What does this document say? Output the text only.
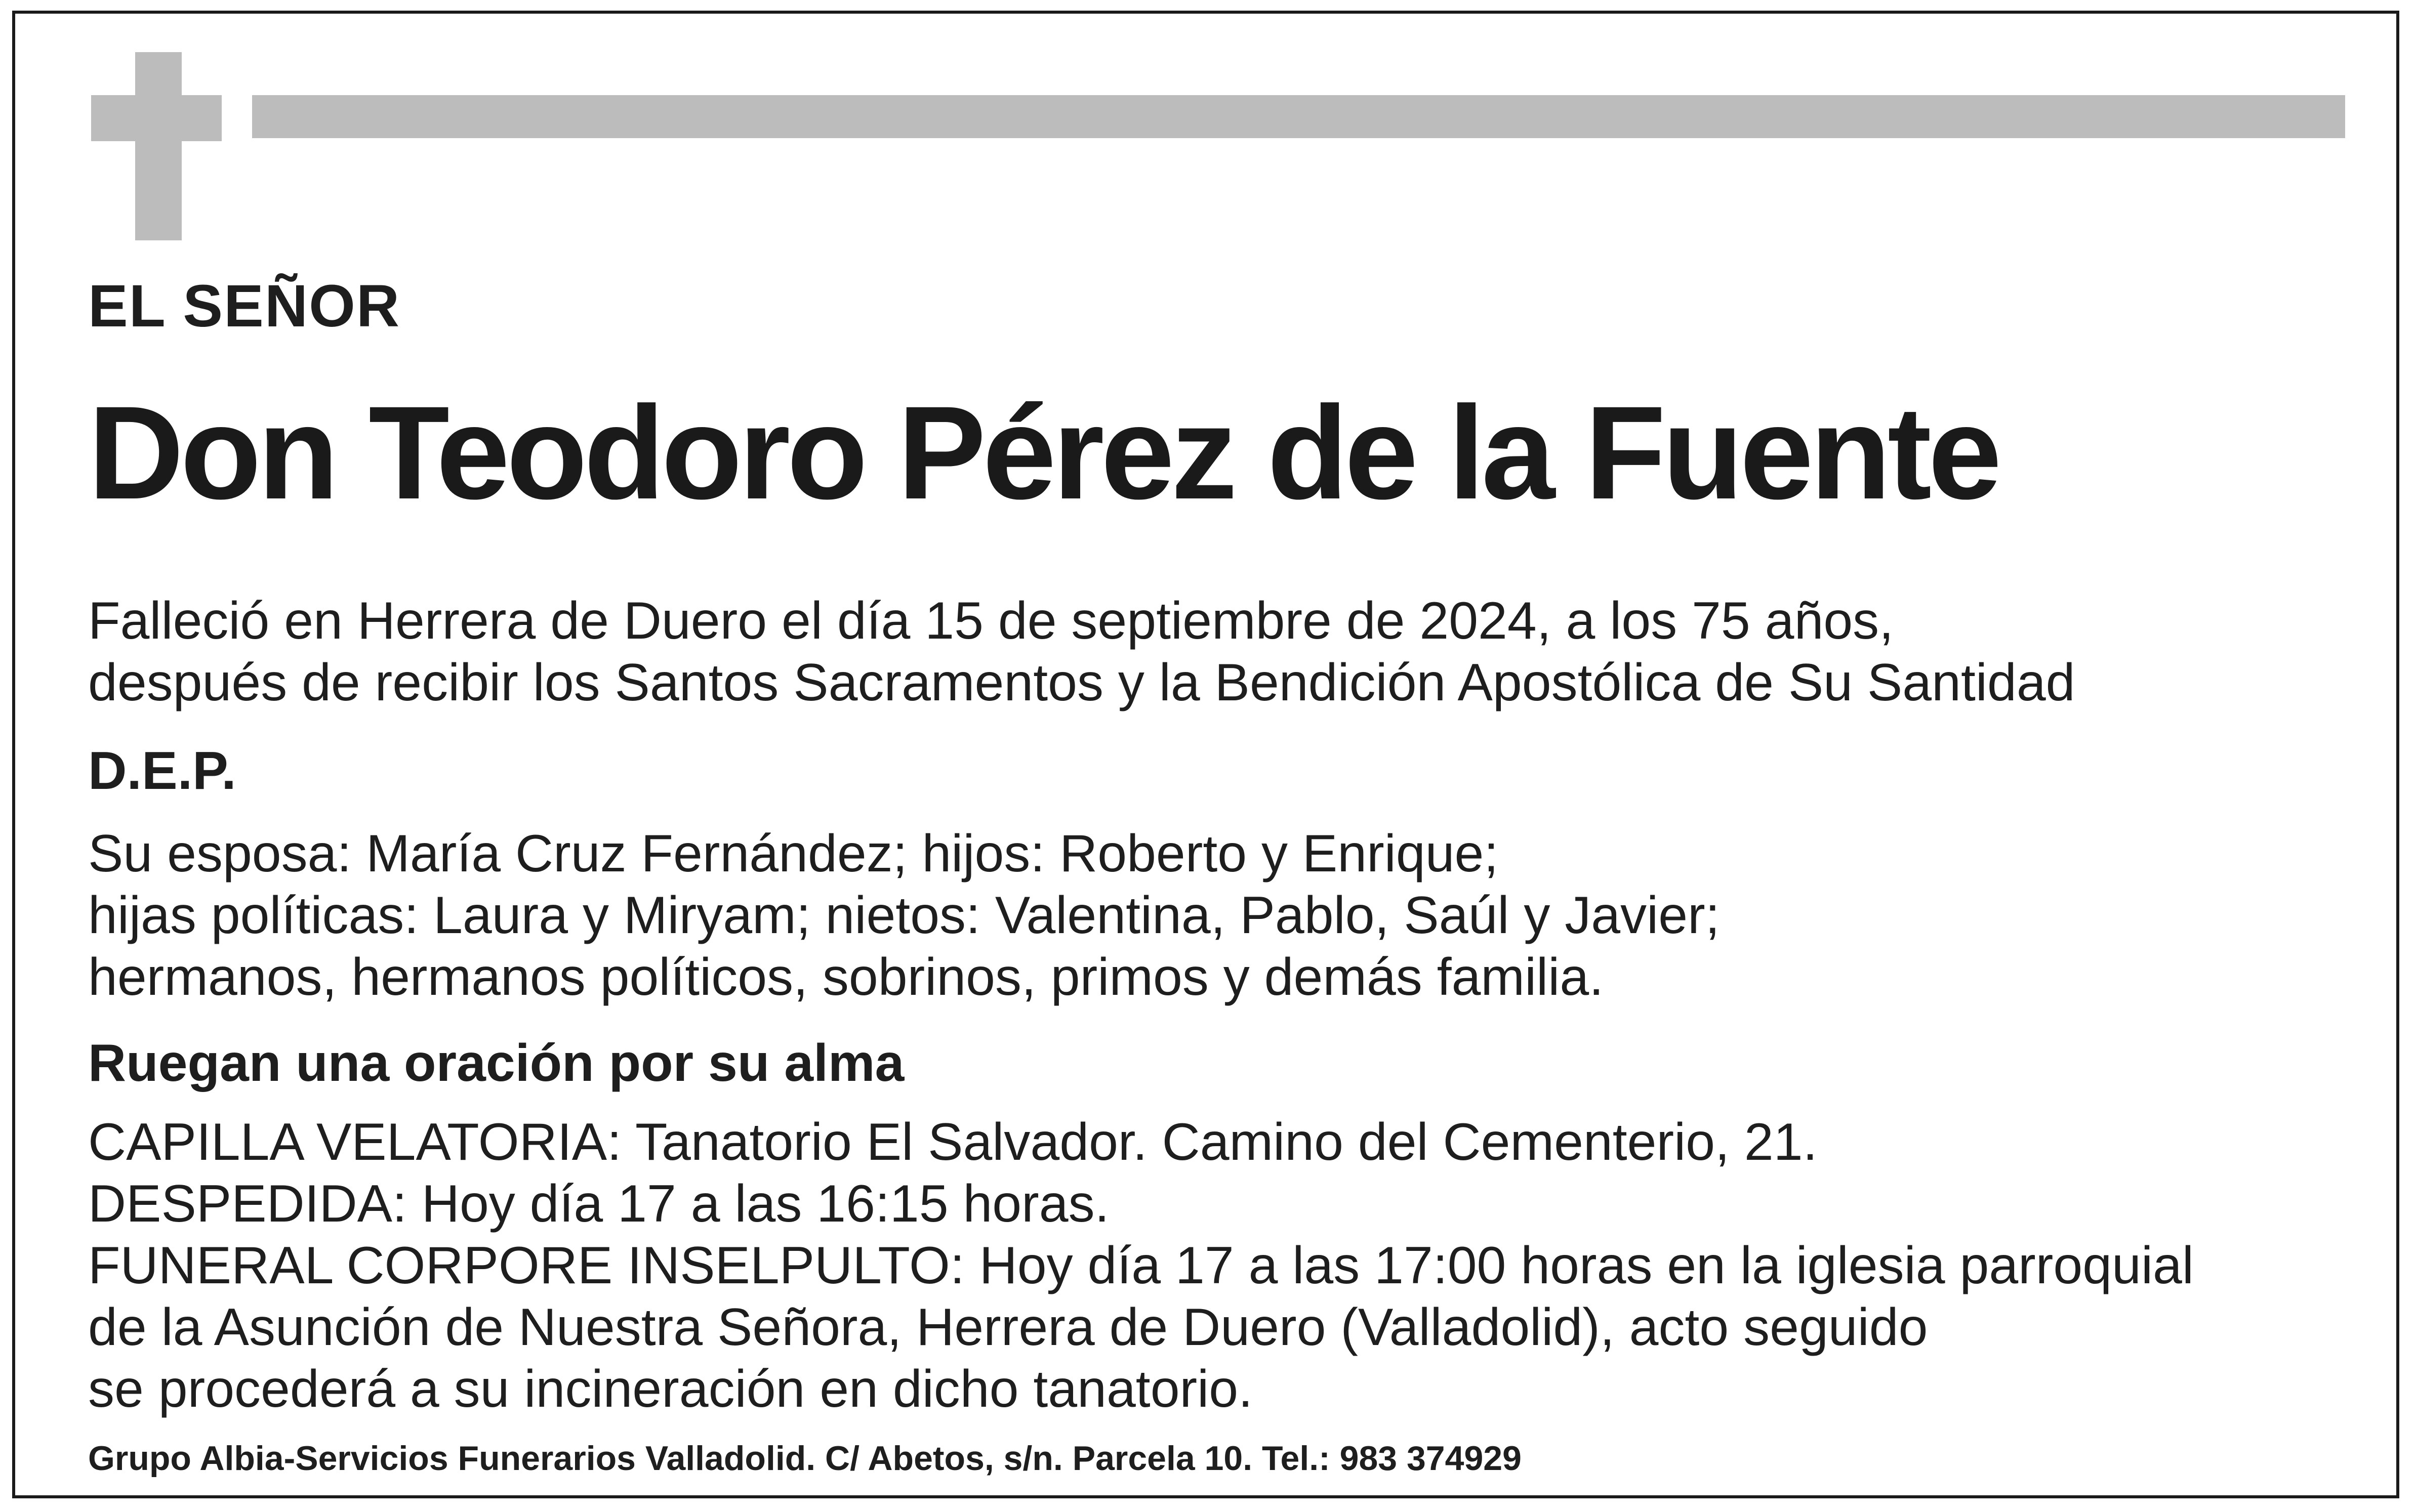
EL SEÑOR

Don Teodoro Pérez de la Fuente

Falleció en Herrera de Duero el día 15 de septiembre de 2024, a los 75 años,
después de recibir los Santos Sacramentos y la Bendición Apostólica de Su Santidad

D.E.P.

Su esposa: María Cruz Fernández; hijos: Roberto y Enrique;
hijas políticas: Laura y Miryam; nietos: Valentina, Pablo, Saúl y Javier;
hermanos, hermanos políticos, sobrinos, primos y demás familia.

Ruegan una oración por su alma

CAPILLA VELATORIA: Tanatorio El Salvador. Camino del Cementerio, 21.
DESPEDIDA: Hoy día 17 a las 16:15 horas.
FUNERAL CORPORE INSELPULTO: Hoy día 17 a las 17:00 horas en la iglesia parroquial
de la Asunción de Nuestra Señora, Herrera de Duero (Valladolid), acto seguido
se procederá a su incineración en dicho tanatorio.

Grupo Albia-Servicios Funerarios Valladolid. C/ Abetos, s/n. Parcela 10. Tel.: 983 374929
